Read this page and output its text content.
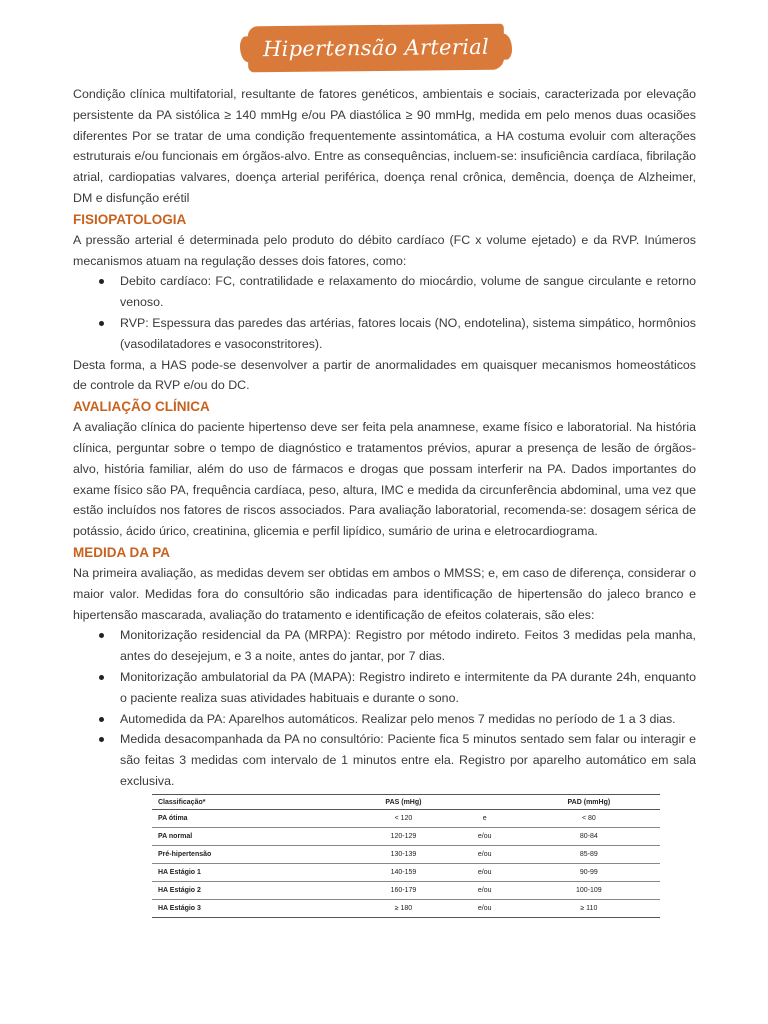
Hipertensão Arterial

Condição clínica multifatorial, resultante de fatores genéticos, ambientais e sociais, caracterizada por elevação persistente da PA sistólica ≥ 140 mmHg e/ou PA diastólica ≥ 90 mmHg, medida em pelo menos duas ocasiões diferentes Por se tratar de uma condição frequentemente assintomática, a HA costuma evoluir com alterações estruturais e/ou funcionais em órgãos-alvo. Entre as consequências, incluem-se: insuficiência cardíaca, fibrilação atrial, cardiopatias valvares, doença arterial periférica, doença renal crônica, demência, doença de Alzheimer, DM e disfunção erétil

FISIOPATOLOGIA

A pressão arterial é determinada pelo produto do débito cardíaco (FC x volume ejetado) e da RVP. Inúmeros mecanismos atuam na regulação desses dois fatores, como:

Debito cardíaco: FC, contratilidade e relaxamento do miocárdio, volume de sangue circulante e retorno venoso.
RVP: Espessura das paredes das artérias, fatores locais (NO, endotelina), sistema simpático, hormônios (vasodilatadores e vasoconstritores).

Desta forma, a HAS pode-se desenvolver a partir de anormalidades em quaisquer mecanismos homeostáticos de controle da RVP e/ou do DC.

AVALIAÇÃO CLÍNICA

A avaliação clínica do paciente hipertenso deve ser feita pela anamnese, exame físico e laboratorial. Na história clínica, perguntar sobre o tempo de diagnóstico e tratamentos prévios, apurar a presença de lesão de órgãos-alvo, história familiar, além do uso de fármacos e drogas que possam interferir na PA. Dados importantes do exame físico são PA, frequência cardíaca, peso, altura, IMC e medida da circunferência abdominal, uma vez que estão incluídos nos fatores de riscos associados. Para avaliação laboratorial, recomenda-se: dosagem sérica de potássio, ácido úrico, creatinina, glicemia e perfil lipídico, sumário de urina e eletrocardiograma.

MEDIDA DA PA

Na primeira avaliação, as medidas devem ser obtidas em ambos o MMSS; e, em caso de diferença, considerar o maior valor. Medidas fora do consultório são indicadas para identificação de hipertensão do jaleco branco e hipertensão mascarada, avaliação do tratamento e identificação de efeitos colaterais, são eles:

Monitorização residencial da PA (MRPA): Registro por método indireto. Feitos 3 medidas pela manha, antes do desejejum, e 3 a noite, antes do jantar, por 7 dias.
Monitorização ambulatorial da PA (MAPA): Registro indireto e intermitente da PA durante 24h, enquanto o paciente realiza suas atividades habituais e durante o sono.
Automedida da PA: Aparelhos automáticos. Realizar pelo menos 7 medidas no período de 1 a 3 dias.
Medida desacompanhada da PA no consultório: Paciente fica 5 minutos sentado sem falar ou interagir e são feitas 3 medidas com intervalo de 1 minutos entre ela. Registro por aparelho automático em sala exclusiva.
Classificação*	PAS (mHg)		PAD (mmHg)
PA ótima	< 120	e	< 80
PA normal	120-129	e/ou	80-84
Pré-hipertensão	130-139	e/ou	85-89
HA Estágio 1	140-159	e/ou	90-99
HA Estágio 2	160-179	e/ou	100-109
HA Estágio 3	≥ 180	e/ou	≥ 110
